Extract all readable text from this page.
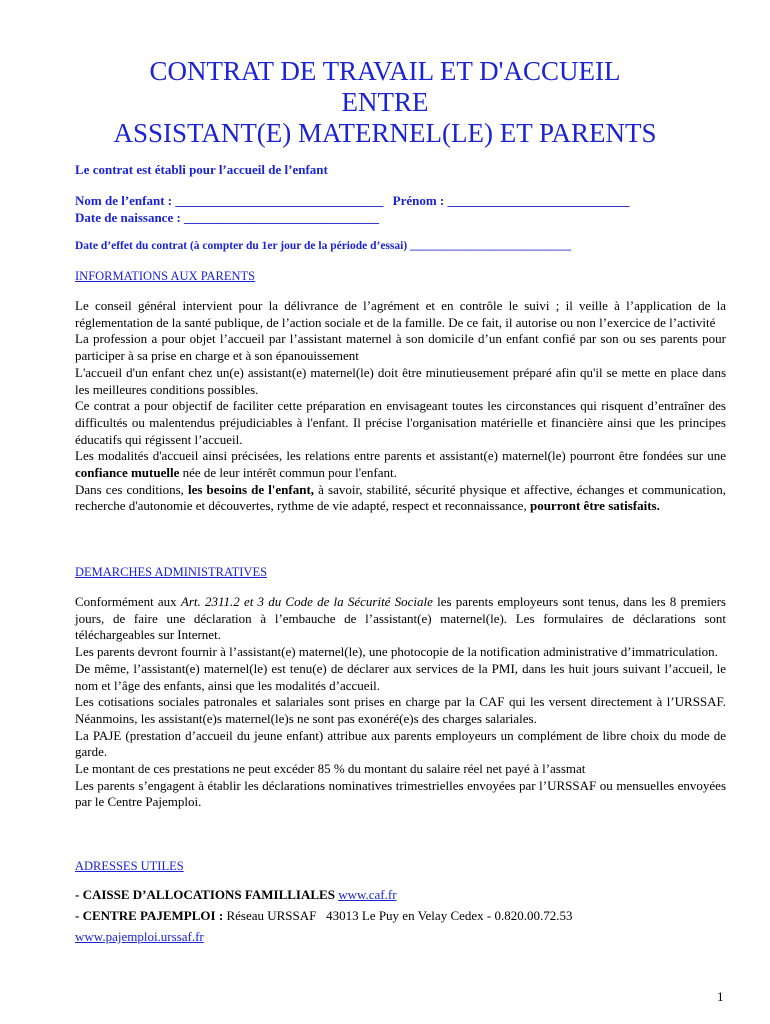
CONTRAT DE TRAVAIL ET D'ACCUEIL
ENTRE
ASSISTANT(E) MATERNEL(LE) ET PARENTS
Le contrat est établi pour l’accueil de l’enfant
Nom de l’enfant : ________________________________ Prénom : ____________________________
Date de naissance : ______________________________
Date d’effet du contrat (à compter du 1er jour de la période d’essai) ____________________________
INFORMATIONS AUX PARENTS

Le conseil général intervient pour la délivrance de l’agrément et en contrôle le suivi ; il veille à l’application de la réglementation de la santé publique, de l’action sociale et de la famille. De ce fait, il autorise ou non l’exercice de l’activité

La profession a pour objet l’accueil par l’assistant maternel à son domicile d’un enfant confié par son ou ses parents pour participer à sa prise en charge et à son épanouissement

L'accueil d'un enfant chez un(e) assistant(e) maternel(le) doit être minutieusement préparé afin qu'il se mette en place dans les meilleures conditions possibles.

Ce contrat a pour objectif de faciliter cette préparation en envisageant toutes les circonstances qui risquent d’entraîner des difficultés ou malentendus préjudiciables à l'enfant. Il précise l'organisation matérielle et financière ainsi que les principes éducatifs qui régissent l’accueil.

Les modalités d'accueil ainsi précisées, les relations entre parents et assistant(e) maternel(le) pourront être fondées sur une confiance mutuelle née de leur intérêt commun pour l'enfant.

Dans ces conditions, les besoins de l'enfant, à savoir, stabilité, sécurité physique et affective, échanges et communication, recherche d'autonomie et découvertes, rythme de vie adapté, respect et reconnaissance, pourront être satisfaits.

DEMARCHES ADMINISTRATIVES

Conformément aux Art. 2311.2 et 3 du Code de la Sécurité Sociale les parents employeurs sont tenus, dans les 8 premiers jours, de faire une déclaration à l’embauche de l’assistant(e) maternel(le). Les formulaires de déclarations sont téléchargeables sur Internet.

Les parents devront fournir à l’assistant(e) maternel(le), une photocopie de la notification administrative d’immatriculation.

De même, l’assistant(e) maternel(le) est tenu(e) de déclarer aux services de la PMI, dans les huit jours suivant l’accueil, le nom et l’âge des enfants, ainsi que les modalités d’accueil.

Les cotisations sociales patronales et salariales sont prises en charge par la CAF qui les versent directement à l’URSSAF. Néanmoins, les assistant(e)s maternel(le)s ne sont pas exonéré(e)s des charges salariales.

La PAJE (prestation d’accueil du jeune enfant) attribue aux parents employeurs un complément de libre choix du mode de garde.

Le montant de ces prestations ne peut excéder 85 % du montant du salaire réel net payé à l’assmat

Les parents s’engagent à établir les déclarations nominatives trimestrielles envoyées par l’URSSAF ou mensuelles envoyées par le Centre Pajemploi.

ADRESSES UTILES
- CAISSE D’ALLOCATIONS FAMILLIALES www.caf.fr
- CENTRE PAJEMPLOI : Réseau URSSAF   43013 Le Puy en Velay Cedex - 0.820.00.72.53
www.pajemploi.urssaf.fr
1
